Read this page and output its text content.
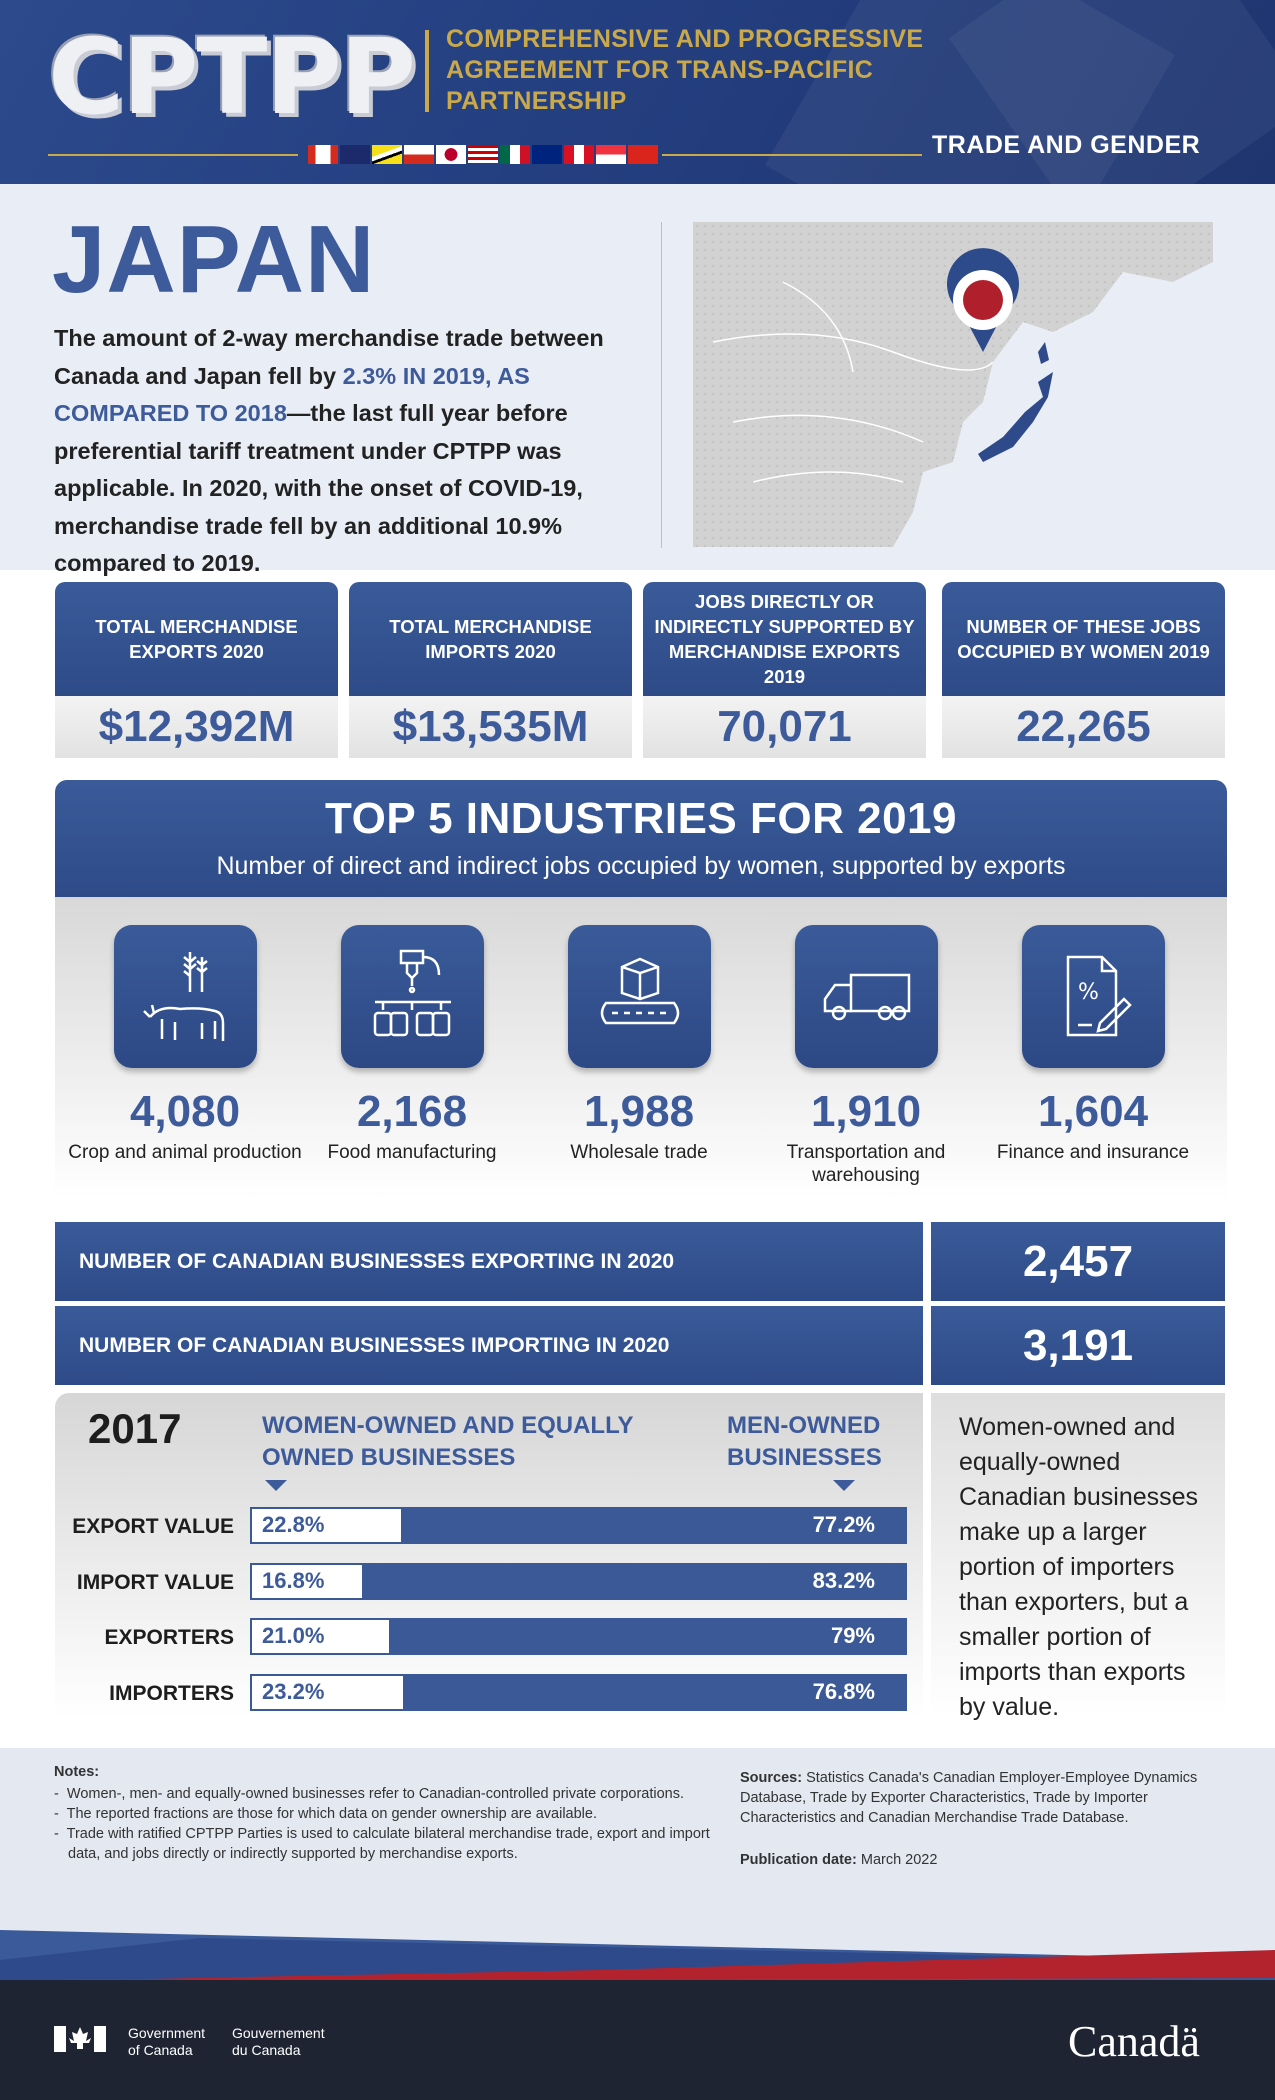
CPTPP COMPREHENSIVE AND PROGRESSIVE AGREEMENT FOR TRANS-PACIFIC PARTNERSHIP
TRADE AND GENDER
JAPAN
The amount of 2-way merchandise trade between Canada and Japan fell by 2.3% IN 2019, AS COMPARED TO 2018—the last full year before preferential tariff treatment under CPTPP was applicable. In 2020, with the onset of COVID-19, merchandise trade fell by an additional 10.9% compared to 2019.
TOTAL MERCHANDISE EXPORTS 2020
$12,392M
TOTAL MERCHANDISE IMPORTS 2020
$13,535M
JOBS DIRECTLY OR INDIRECTLY SUPPORTED BY MERCHANDISE EXPORTS 2019
70,071
NUMBER OF THESE JOBS OCCUPIED BY WOMEN 2019
22,265
TOP 5 INDUSTRIES FOR 2019
Number of direct and indirect jobs occupied by women, supported by exports
4,080
Crop and animal production
2,168
Food manufacturing
1,988
Wholesale trade
1,910
Transportation and warehousing
%
1,604
Finance and insurance
NUMBER OF CANADIAN BUSINESSES EXPORTING IN 2020	2,457
NUMBER OF CANADIAN BUSINESSES IMPORTING IN 2020	3,191
2017	WOMEN-OWNED AND EQUALLY OWNED BUSINESSES
MEN-OWNED BUSINESSES
EXPORT VALUE 22.8%	77.2%
IMPORT VALUE 16.8%	83.2%
EXPORTERS 21.0%	79%
IMPORTERS 23.2%	76.8%
Women-owned and equally-owned Canadian businesses make up a larger portion of importers than exporters, but a smaller portion of imports than exports by value.
Notes:
-  Women-, men- and equally-owned businesses refer to Canadian-controlled private corporations.
-  The reported fractions are those for which data on gender ownership are available.
-  Trade with ratified CPTPP Parties is used to calculate bilateral merchandise trade, export and import data, and jobs directly or indirectly supported by merchandise exports.
Sources: Statistics Canada's Canadian Employer-Employee Dynamics Database, Trade by Exporter Characteristics, Trade by Importer Characteristics and Canadian Merchandise Trade Database.
Publication date: March 2022
Government
of Canada
Gouvernement
du Canada	Canadä
